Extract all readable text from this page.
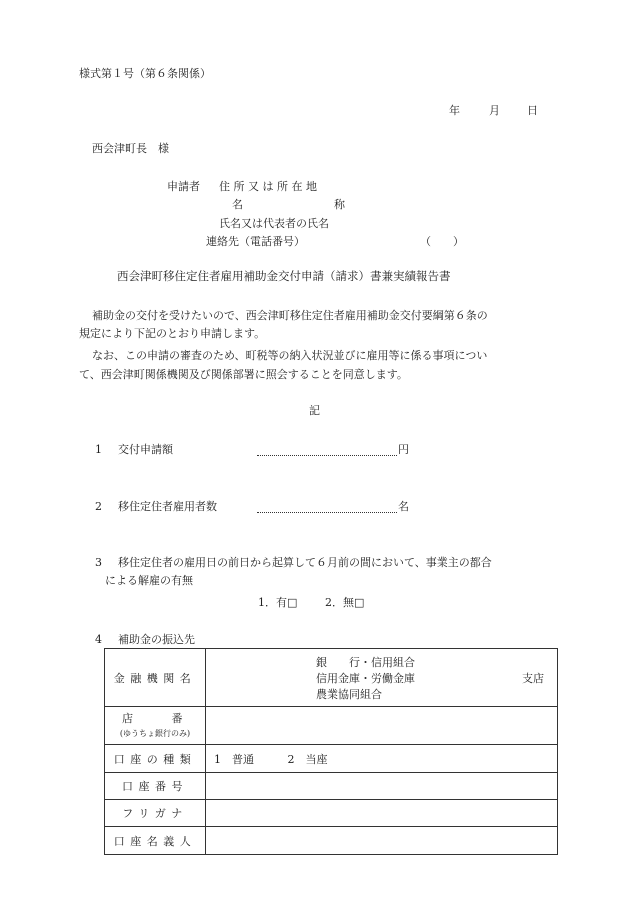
様式第１号（第６条関係）
年	月 日
西会津町長　様
申請者 住 所 又 は 所 在 地
名	称
氏名又は代表者の氏名
連絡先（電話番号）	（　　）
西会津町移住定住者雇用補助金交付申請（請求）書兼実績報告書
補助金の交付を受けたいので、西会津町移住定住者雇用補助金交付要綱第６条の
規定により下記のとおり申請します。
なお、この申請の審査のため、町税等の納入状況並びに雇用等に係る事項につい
て、西会津町関係機関及び関係部署に照会することを同意します。
記
1 交付申請額	円
2 移住定住者雇用者数	名
3 移住定住者の雇用日の前日から起算して６月前の間において、事業主の都合
による解雇の有無
1．有□	2．無□
4 補助金の振込先
金融機関名	銀　　行・信用組合
信用金庫・労働金庫
農業協同組合
支店

店　　番
(ゆうちょ銀行のみ)	

口座の種類	1　普通 2　当座
口座番号	
フリガナ	
口座名義人	
